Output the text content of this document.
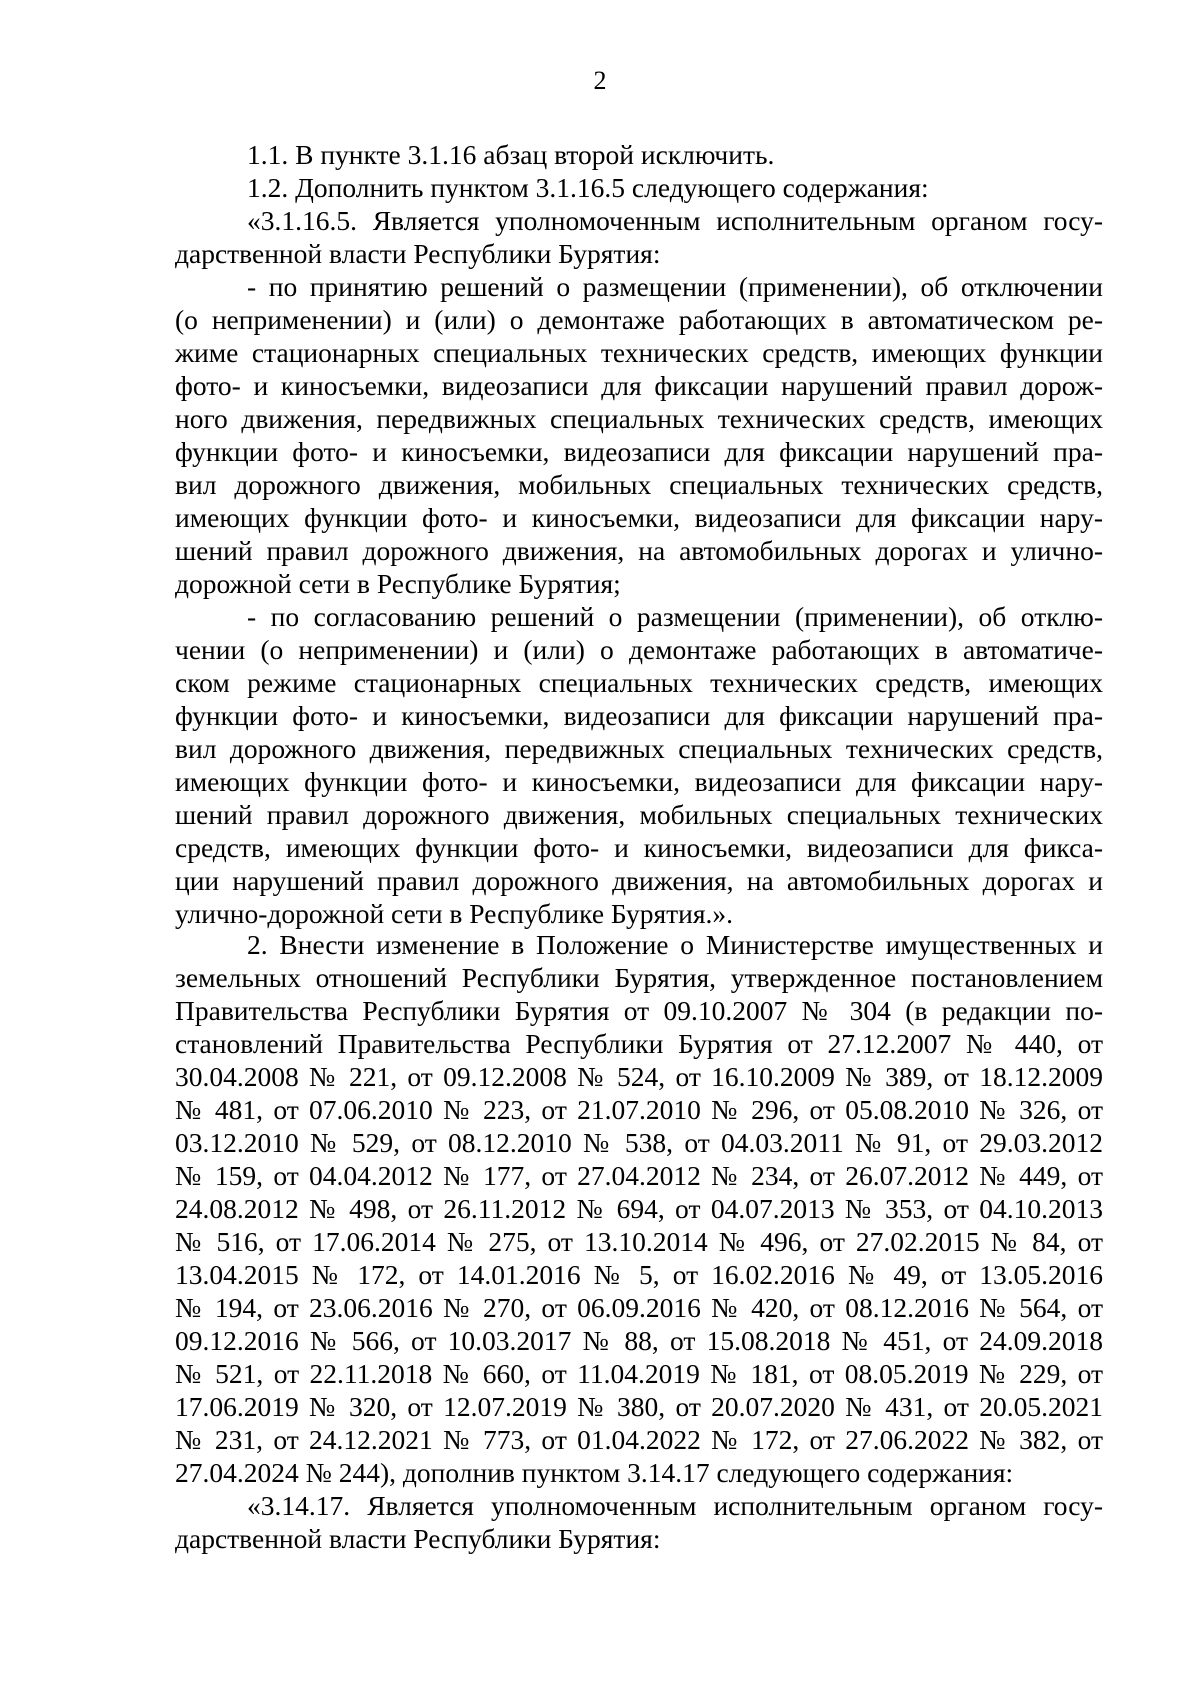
2
1.1. В пункте 3.1.16 абзац второй исключить.
1.2. Дополнить пунктом 3.1.16.5 следующего содержания:
«3.1.16.5. Является уполномоченным исполнительным органом госу-
дарственной власти Республики Бурятия:
- по принятию решений о размещении (применении), об отключении
(о неприменении) и (или) о демонтаже работающих в автоматическом ре-
жиме стационарных специальных технических средств, имеющих функции
фото- и киносъемки, видеозаписи для фиксации нарушений правил дорож-
ного движения, передвижных специальных технических средств, имеющих
функции фото- и киносъемки, видеозаписи для фиксации нарушений пра-
вил дорожного движения, мобильных специальных технических средств,
имеющих функции фото- и киносъемки, видеозаписи для фиксации нару-
шений правил дорожного движения, на автомобильных дорогах и улично-
дорожной сети в Республике Бурятия;
- по согласованию решений о размещении (применении), об отклю-
чении (о неприменении) и (или) о демонтаже работающих в автоматиче-
ском режиме стационарных специальных технических средств, имеющих
функции фото- и киносъемки, видеозаписи для фиксации нарушений пра-
вил дорожного движения, передвижных специальных технических средств,
имеющих функции фото- и киносъемки, видеозаписи для фиксации нару-
шений правил дорожного движения, мобильных специальных технических
средств, имеющих функции фото- и киносъемки, видеозаписи для фикса-
ции нарушений правил дорожного движения, на автомобильных дорогах и
улично-дорожной сети в Республике Бурятия.».
2. Внести изменение в Положение о Министерстве имущественных и
земельных отношений Республики Бурятия, утвержденное постановлением
Правительства Республики Бурятия от 09.10.2007 № 304 (в редакции по-
становлений Правительства Республики Бурятия от 27.12.2007 № 440, от
30.04.2008 № 221, от 09.12.2008 № 524, от 16.10.2009 № 389, от 18.12.2009
№ 481, от 07.06.2010 № 223, от 21.07.2010 № 296, от 05.08.2010 № 326, от
03.12.2010 № 529, от 08.12.2010 № 538, от 04.03.2011 № 91, от 29.03.2012
№ 159, от 04.04.2012 № 177, от 27.04.2012 № 234, от 26.07.2012 № 449, от
24.08.2012 № 498, от 26.11.2012 № 694, от 04.07.2013 № 353, от 04.10.2013
№ 516, от 17.06.2014 № 275, от 13.10.2014 № 496, от 27.02.2015 № 84, от
13.04.2015 № 172, от 14.01.2016 № 5, от 16.02.2016 № 49, от 13.05.2016
№ 194, от 23.06.2016 № 270, от 06.09.2016 № 420, от 08.12.2016 № 564, от
09.12.2016 № 566, от 10.03.2017 № 88, от 15.08.2018 № 451, от 24.09.2018
№ 521, от 22.11.2018 № 660, от 11.04.2019 № 181, от 08.05.2019 № 229, от
17.06.2019 № 320, от 12.07.2019 № 380, от 20.07.2020 № 431, от 20.05.2021
№ 231, от 24.12.2021 № 773, от 01.04.2022 № 172, от 27.06.2022 № 382, от
27.04.2024 № 244), дополнив пунктом 3.14.17 следующего содержания:
«3.14.17. Является уполномоченным исполнительным органом госу-
дарственной власти Республики Бурятия:
